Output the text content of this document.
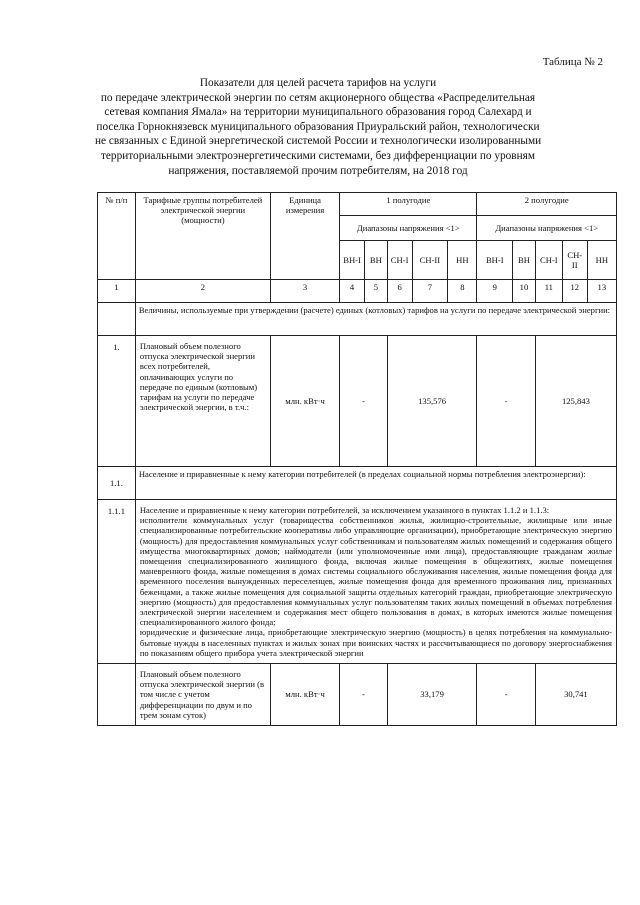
Таблица № 2
Показатели для целей расчета тарифов на услуги
по передаче электрической энергии по сетям акционерного общества «Распределительная
сетевая компания Ямала» на территории муниципального образования город Салехард и
поселка Горнокнязевск муниципального образования Приуральский район, технологически
не связанных с Единой энергетической системой России и технологически изолированными
территориальными электроэнергетическими системами, без дифференциации по уровням
напряжения, поставляемой прочим потребителям, на 2018 год
№ п/п	Тарифные группы потребителей электрической энергии (мощности)	Единица измерения	1 полугодие					2 полугодие				
			Диапазоны напряжения <1>					Диапазоны напряжения <1>				
			ВН-I	ВН	СН-I	СН-II	НН	ВН-I	ВН	СН-I	СН-II	НН
1	2	3	4	5	6	7	8	9	10	11	12	13
	Величины, используемые при утверждении (расчете) единых (котловых) тарифов на услуги по передаче электрической энергии:											
1.	Плановый объем полезного отпуска электрической энергии всех потребителей, оплачивающих услуги по передаче по единым (котловым) тарифам на услуги по передаче электрической энергии, в т.ч.:	млн. кВт·ч	-		135,576			-		125,843		
1.1.	Население и приравненные к нему категории потребителей (в пределах социальной нормы потребления электроэнергии):											
1.1.1	Население и приравненные к нему категории потребителей, за исключением указанного в пунктах 1.1.2 и 1.1.3:
исполнители коммунальных услуг (товарищества собственников жилья, жилищно-строительные, жилищные или иные специализированные потребительские кооперативы либо управляющие организации), приобретающие электрическую энергию (мощность) для предоставления коммунальных услуг собственникам и пользователям жилых помещений и содержания общего имущества многоквартирных домов; наймодатели (или уполномоченные ими лица), предоставляющие гражданам жилые помещения специализированного жилищного фонда, включая жилые помещения в общежитиях, жилые помещения маневренного фонда, жилые помещения в домах системы социального обслуживания населения, жилые помещения фонда для временного поселения вынужденных переселенцев, жилые помещения фонда для временного проживания лиц, признанных беженцами, а также жилые помещения для социальной защиты отдельных категорий граждан, приобретающие электрическую энергию (мощность) для предоставления коммунальных услуг пользователям таких жилых помещений в объемах потребления электрической энергии населением и содержания мест общего пользования в домах, в которых имеются жилые помещения специализированного жилого фонда;
юридические и физические лица, приобретающие электрическую энергию (мощность) в целях потребления на коммунально-бытовые нужды в населенных пунктах и жилых зонах при воинских частях и рассчитывающиеся по договору энергоснабжения по показаниям общего прибора учета электрической энергии											

	Плановый объем полезного отпуска электрической энергии (в том числе с учетом дифференциации по двум и по трем зонам суток)	млн. кВт·ч	-		33,179			-		30,741		
